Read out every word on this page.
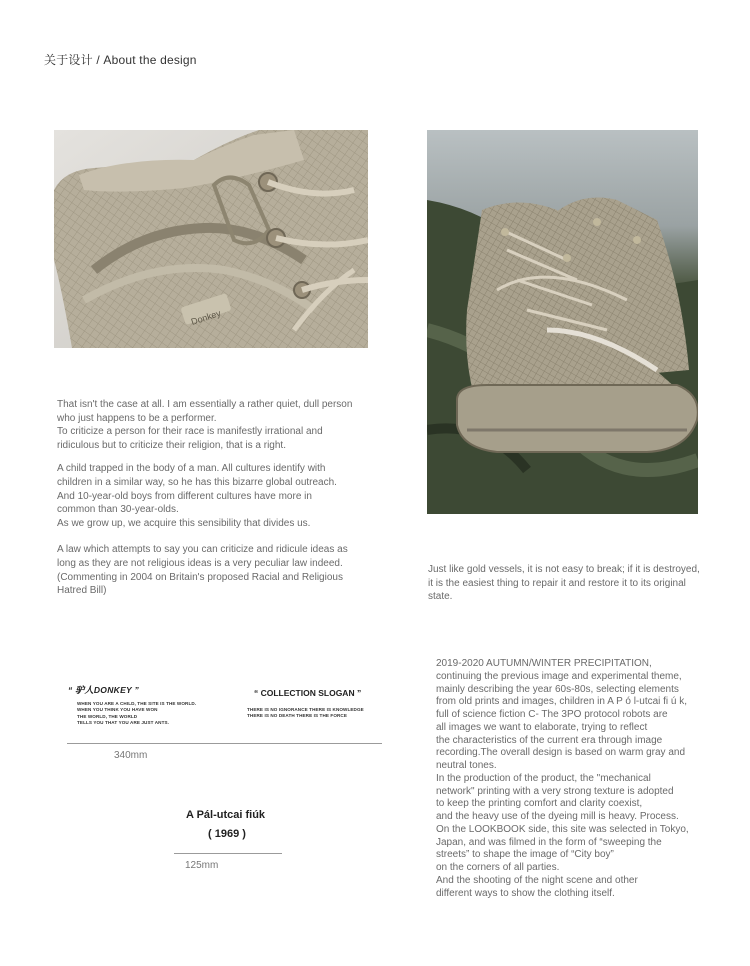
关于设计 / About the design
Donkey

That isn't the case at all. I am essentially a rather quiet, dull person
who just happens to be a performer.
To criticize a person for their race is manifestly irrational and
ridiculous but to criticize their religion, that is a right.

A child trapped in the body of a man. All cultures identify with
children in a similar way, so he has this bizarre global outreach.
And 10-year-old boys from different cultures have more in
common than 30-year-olds.
As we grow up, we acquire this sensibility that divides us.

A law which attempts to say you can criticize and ridicule ideas as
long as they are not religious ideas is a very peculiar law indeed.
(Commenting in 2004 on Britain's proposed Racial and Religious
Hatred Bill)

Just like gold vessels, it is not easy to break; if it is destroyed,
it is the easiest thing to repair it and restore it to its original
state.
“ 驴人DONKEY ”
WHEN YOU ARE A CHILD, THE SITE IS THE WORLD.
WHEN YOU THINK YOU HAVE WON
THE WORLD, THE WORLD
TELLS YOU THAT YOU ARE JUST ANTS.
“ COLLECTION SLOGAN ”
THERE IS NO IGNORANCE THERE IS KNOWLEDGE
THERE IS NO DEATH THERE IS THE FORCE
340mm
A Pál-utcai fiúk
( 1969 )
125mm
2019-2020 AUTUMN/WINTER PRECIPITATION,
continuing the previous image and experimental theme,
mainly describing the year 60s-80s, selecting elements
from old prints and images, children in A P ó l-utcai fi ú k,
full of science fiction C- The 3PO protocol robots are
all images we want to elaborate, trying to reflect
the characteristics of the current era through image
recording.The overall design is based on warm gray and
neutral tones.
In the production of the product, the "mechanical
network" printing with a very strong texture is adopted
to keep the printing comfort and clarity coexist,
and the heavy use of the dyeing mill is heavy. Process.
On the LOOKBOOK side, this site was selected in Tokyo,
Japan, and was filmed in the form of “sweeping the
streets” to shape the image of “City boy”
on the corners of all parties.
And the shooting of the night scene and other
different ways to show the clothing itself.
